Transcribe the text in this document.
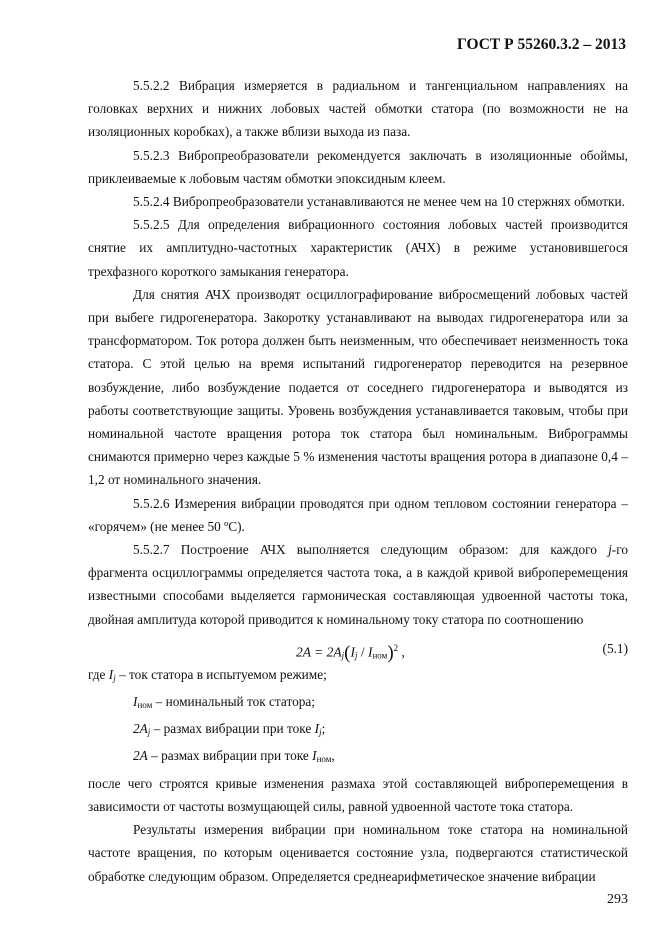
ГОСТ Р 55260.3.2 – 2013

5.5.2.2 Вибрация измеряется в радиальном и тангенциальном направлениях на головках верхних и нижних лобовых частей обмотки статора (по возможности не на изоляционных коробках), а также вблизи выхода из паза.

5.5.2.3 Вибропреобразователи рекомендуется заключать в изоляционные обоймы, приклеиваемые к лобовым частям обмотки эпоксидным клеем.

5.5.2.4 Вибропреобразователи устанавливаются не менее чем на 10 стержнях обмотки.

5.5.2.5 Для определения вибрационного состояния лобовых частей производится снятие их амплитудно-частотных характеристик (АЧХ) в режиме установившегося трехфазного короткого замыкания генератора.

Для снятия АЧХ производят осциллографирование вибросмещений лобовых частей при выбеге гидрогенератора. Закоротку устанавливают на выводах гидрогенератора или за трансформатором. Ток ротора должен быть неизменным, что обеспечивает неизменность тока статора. С этой целью на время испытаний гидрогенератор переводится на резервное возбуждение, либо возбуждение подается от соседнего гидрогенератора и выводятся из работы соответствующие защиты. Уровень возбуждения устанавливается таковым, чтобы при номинальной частоте вращения ротора ток статора был номинальным. Виброграммы снимаются примерно через каждые 5 % изменения частоты вращения ротора в диапазоне 0,4 – 1,2 от номинального значения.

5.5.2.6 Измерения вибрации проводятся при одном тепловом состоянии генератора – «горячем» (не менее 50 ºС).

5.5.2.7 Построение АЧХ выполняется следующим образом: для каждого j-го фрагмента осциллограммы определяется частота тока, а в каждой кривой виброперемещения известными способами выделяется гармоническая составляющая удвоенной частоты тока, двойная амплитуда которой приводится к номинальному току статора по соотношению

$2A = 2A_j(I_j / I_{ном})^2$ ,	(5.1)

где $I_j$ – ток статора в испытуемом режиме;

$I_{ном}$ – номинальный ток статора;

$2A_j$ – размах вибрации при токе $I_j$;

2A – размах вибрации при токе $I_{ном}$,

после чего строятся кривые изменения размаха этой составляющей виброперемещения в зависимости от частоты возмущающей силы, равной удвоенной частоте тока статора.

Результаты измерения вибрации при номинальном токе статора на номинальной частоте вращения, по которым оценивается состояние узла, подвергаются статистической обработке следующим образом. Определяется среднеарифметическое значение вибрации

293
